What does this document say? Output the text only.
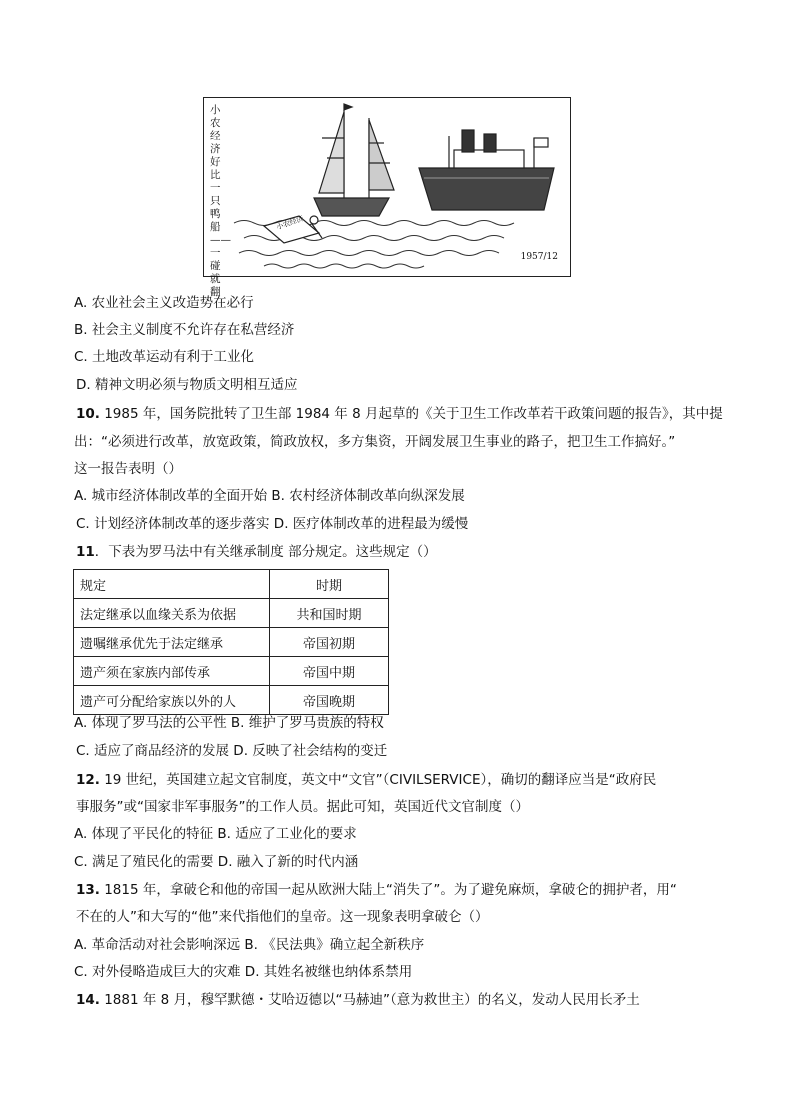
小农经济好比一只鸭船——一碰就翻
小农经济
1957/12
A. 农业社会主义改造势在必行
B. 社会主义制度不允许存在私营经济
C. 土地改革运动有利于工业化
D. 精神文明必须与物质文明相互适应
10. 1985 年，国务院批转了卫生部 1984 年 8 月起草的《关于卫生工作改革若干政策问题的报告》，其中提
出：“必须进行改革，放宽政策，简政放权，多方集资，开阔发展卫生事业的路子，把卫生工作搞好。”
这一报告表明（）
A. 城市经济体制改革的全面开始 B. 农村经济体制改革向纵深发展
C. 计划经济体制改革的逐步落实 D. 医疗体制改革的进程最为缓慢
11．下表为罗马法中有关继承制度 部分规定。这些规定（）
规定	时期
法定继承以血缘关系为依据	共和国时期
遗嘱继承优先于法定继承	帝国初期
遗产须在家族内部传承	帝国中期
遗产可分配给家族以外的人	帝国晚期
A. 体现了罗马法的公平性 B. 维护了罗马贵族的特权
C. 适应了商品经济的发展 D. 反映了社会结构的变迁
12. 19 世纪，英国建立起文官制度，英文中“文官”（CIVILSERVICE），确切的翻译应当是“政府民
事服务”或“国家非军事服务”的工作人员。据此可知，英国近代文官制度（）
A. 体现了平民化的特征 B. 适应了工业化的要求
C. 满足了殖民化的需要 D. 融入了新的时代内涵
13. 1815 年，拿破仑和他的帝国一起从欧洲大陆上“消失了”。为了避免麻烦，拿破仑的拥护者，用“
不在的人”和大写的“他”来代指他们的皇帝。这一现象表明拿破仑（）
A. 革命活动对社会影响深远 B. 《民法典》确立起全新秩序
C. 对外侵略造成巨大的灾难 D. 其姓名被继也纳体系禁用
14. 1881 年 8 月，穆罕默德・艾哈迈德以“马赫迪”（意为救世主）的名义，发动人民用长矛土
